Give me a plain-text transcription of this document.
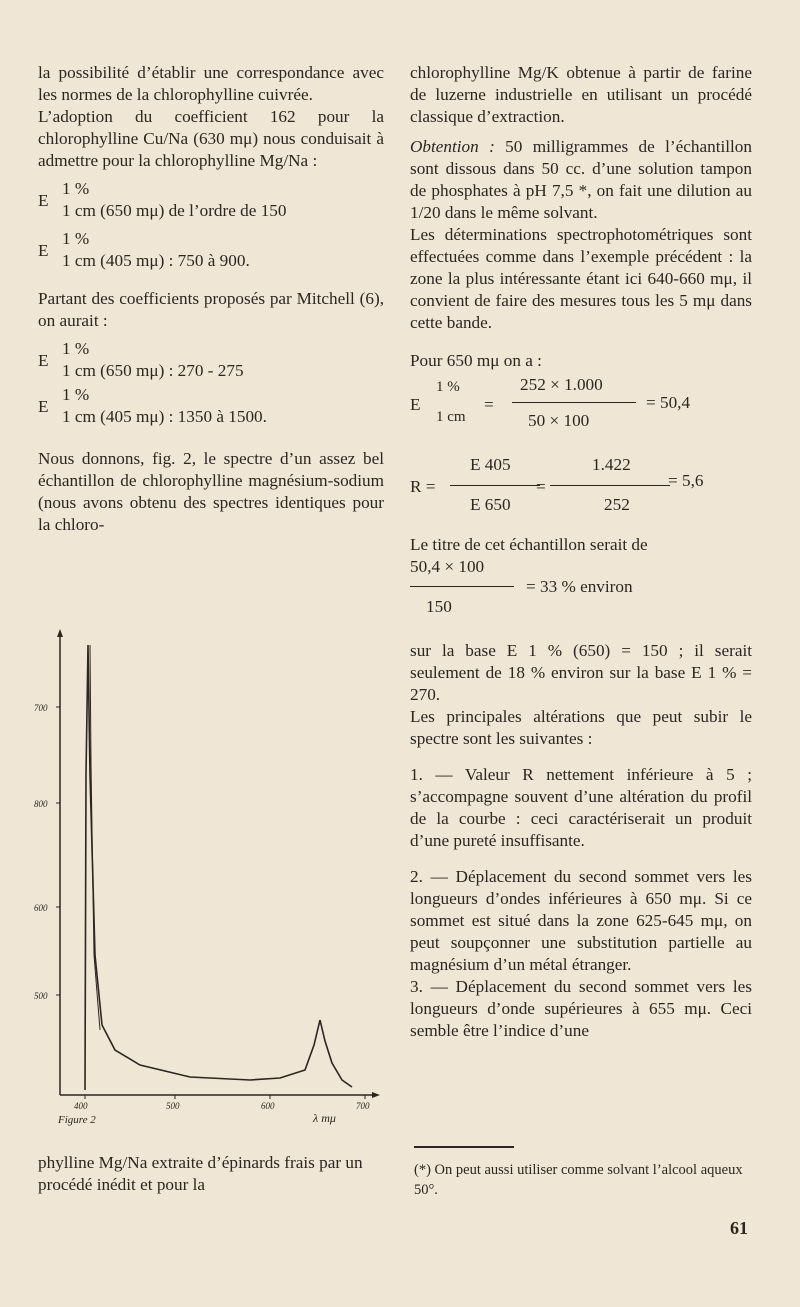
la possibilité d’établir une correspondance avec les normes de la chlorophylline cuivrée.

L’adoption du coefficient 162 pour la chlorophylline Cu/Na (630 mμ) nous conduisait à admettre pour la chlorophylline Mg/Na :

E
1 %
1 cm (650 mμ) de l’ordre de 150
E
1 %
1 cm (405 mμ) : 750 à 900.

Partant des coefficients proposés par Mitchell (6), on aurait :

E
1 %
1 cm (650 mμ) : 270 - 275
E
1 %
1 cm (405 mμ) : 1350 à 1500.

Nous donnons, fig. 2, le spectre d’un assez bel échantillon de chlorophylline magnésium-sodium (nous avons obtenu des spectres identiques pour la chloro-

700
800
600
500
400	500	600	700
Figure 2	λ mμ
phylline Mg/Na extraite d’épinards frais par un procédé inédit et pour la

chlorophylline Mg/K obtenue à partir de farine de luzerne industrielle en utilisant un procédé classique d’extraction.

Obtention : 50 milligrammes de l’échantillon sont dissous dans 50 cc. d’une solution tampon de phosphates à pH 7,5 *, on fait une dilution au 1/20 dans le même solvant.

Les déterminations spectrophotométriques sont effectuées comme dans l’exemple précédent : la zone la plus intéressante étant ici 640-660 mμ, il convient de faire des mesures tous les 5 mμ dans cette bande.

Pour 650 mμ on a :

E
1 %
1 cm
=
252 × 1.000
50 × 100
= 50,4
R =
E 405
E 650
=
1.422
252
= 5,6

Le titre de cet échantillon serait de

50,4 × 100
= 33 % environ
150

sur la base E 1 % (650) = 150 ; il serait seulement de 18 % environ sur la base E 1 % = 270.

Les principales altérations que peut subir le spectre sont les suivantes :

1. — Valeur R nettement inférieure à 5 ; s’accompagne souvent d’une altération du profil de la courbe : ceci caractériserait un produit d’une pureté insuffisante.

2. — Déplacement du second sommet vers les longueurs d’ondes inférieures à 650 mμ. Si ce sommet est situé dans la zone 625-645 mμ, on peut soupçonner une substitution partielle au magnésium d’un métal étranger.

3. — Déplacement du second sommet vers les longueurs d’onde supérieures à 655 mμ. Ceci semble être l’indice d’une

(*) On peut aussi utiliser comme solvant l’alcool aqueux 50°.
61
